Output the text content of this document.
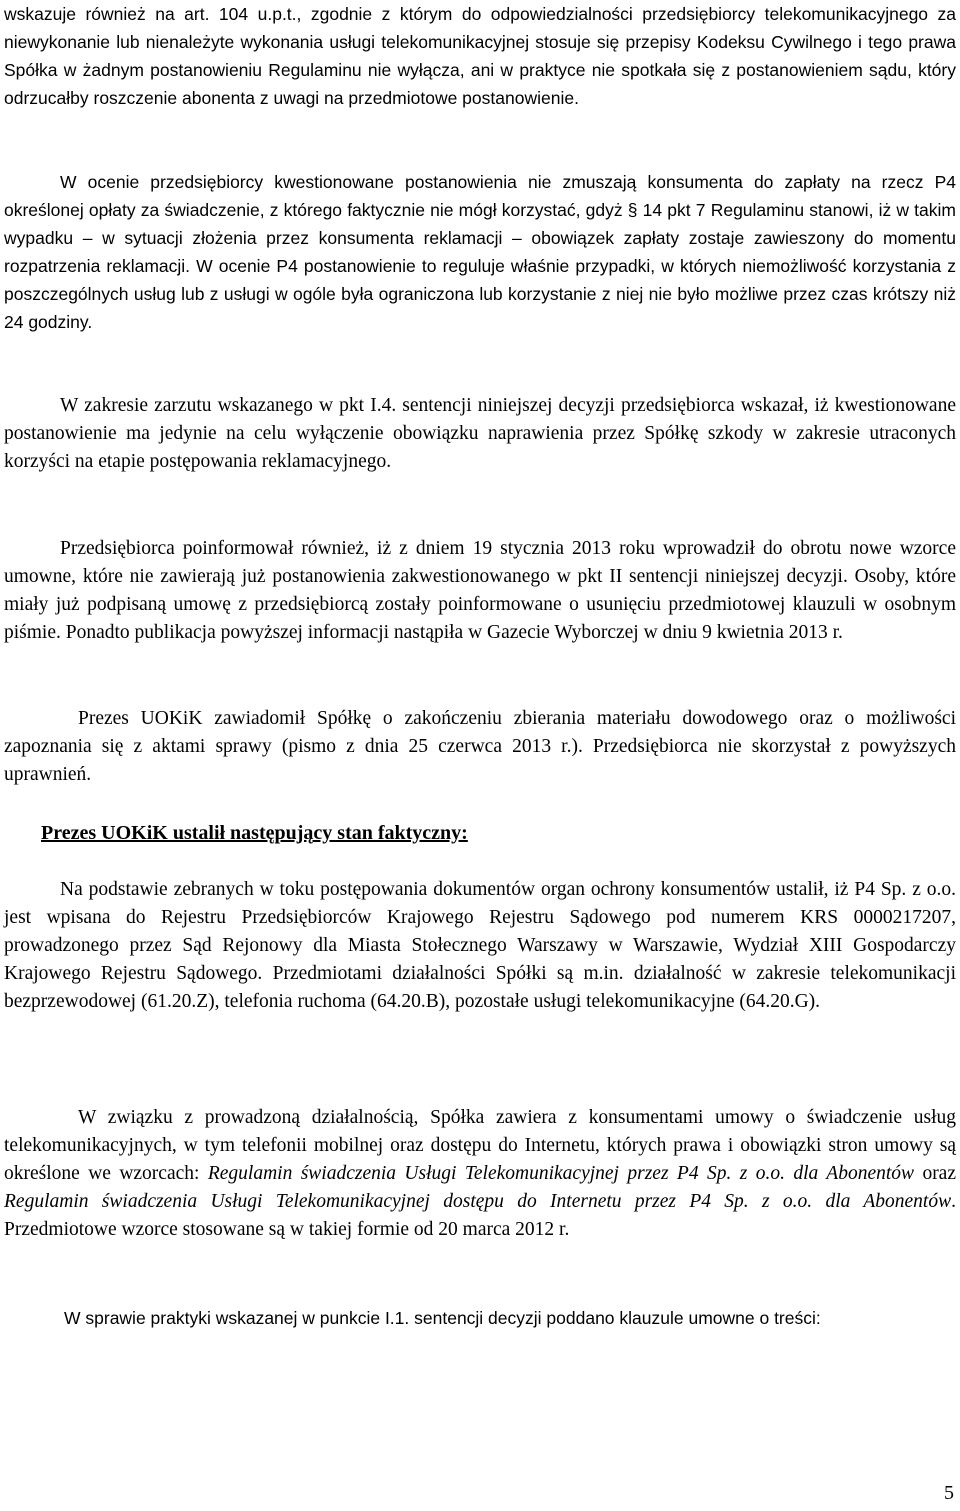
wskazuje również na art. 104 u.p.t., zgodnie z którym do odpowiedzialności przedsiębiorcy telekomunikacyjnego za niewykonanie lub nienależyte wykonania usługi telekomunikacyjnej stosuje się przepisy Kodeksu Cywilnego i tego prawa Spółka w żadnym postanowieniu Regulaminu nie wyłącza, ani w praktyce nie spotkała się z postanowieniem sądu, który odrzucałby roszczenie abonenta z uwagi na przedmiotowe postanowienie.

W ocenie przedsiębiorcy kwestionowane postanowienia nie zmuszają konsumenta do zapłaty na rzecz P4 określonej opłaty za świadczenie, z którego faktycznie nie mógł korzystać, gdyż § 14 pkt 7 Regulaminu stanowi, iż w takim wypadku – w sytuacji złożenia przez konsumenta reklamacji – obowiązek zapłaty zostaje zawieszony do momentu rozpatrzenia reklamacji. W ocenie P4 postanowienie to reguluje właśnie przypadki, w których niemożliwość korzystania z poszczególnych usług lub z usługi w ogóle była ograniczona lub korzystanie z niej nie było możliwe przez czas krótszy niż 24 godziny.

W zakresie zarzutu wskazanego w pkt I.4. sentencji niniejszej decyzji przedsiębiorca wskazał, iż kwestionowane postanowienie ma jedynie na celu wyłączenie obowiązku naprawienia przez Spółkę szkody w zakresie utraconych korzyści na etapie postępowania reklamacyjnego.

Przedsiębiorca poinformował również, iż z dniem 19 stycznia 2013 roku wprowadził do obrotu nowe wzorce umowne, które nie zawierają już postanowienia zakwestionowanego w pkt II sentencji niniejszej decyzji. Osoby, które miały już podpisaną umowę z przedsiębiorcą zostały poinformowane o usunięciu przedmiotowej klauzuli w osobnym piśmie. Ponadto publikacja powyższej informacji nastąpiła w Gazecie Wyborczej w dniu 9 kwietnia 2013 r.

Prezes UOKiK zawiadomił Spółkę o zakończeniu zbierania materiału dowodowego oraz o możliwości zapoznania się z aktami sprawy (pismo z dnia 25 czerwca 2013 r.). Przedsiębiorca nie skorzystał z powyższych uprawnień.

Prezes UOKiK ustalił następujący stan faktyczny:

Na podstawie zebranych w toku postępowania dokumentów organ ochrony konsumentów ustalił, iż P4 Sp. z o.o. jest wpisana do Rejestru Przedsiębiorców Krajowego Rejestru Sądowego pod numerem KRS 0000217207, prowadzonego przez Sąd Rejonowy dla Miasta Stołecznego Warszawy w Warszawie, Wydział XIII Gospodarczy Krajowego Rejestru Sądowego. Przedmiotami działalności Spółki są m.in. działalność w zakresie telekomunikacji bezprzewodowej (61.20.Z), telefonia ruchoma (64.20.B), pozostałe usługi telekomunikacyjne (64.20.G).

W związku z prowadzoną działalnością, Spółka zawiera z konsumentami umowy o świadczenie usług telekomunikacyjnych, w tym telefonii mobilnej oraz dostępu do Internetu, których prawa i obowiązki stron umowy są określone we wzorcach: Regulamin świadczenia Usługi Telekomunikacyjnej przez P4 Sp. z o.o. dla Abonentów oraz Regulamin świadczenia Usługi Telekomunikacyjnej dostępu do Internetu przez P4 Sp. z o.o. dla Abonentów. Przedmiotowe wzorce stosowane są w takiej formie od 20 marca 2012 r.

W sprawie praktyki wskazanej w punkcie I.1. sentencji decyzji poddano klauzule umowne o treści:

5
